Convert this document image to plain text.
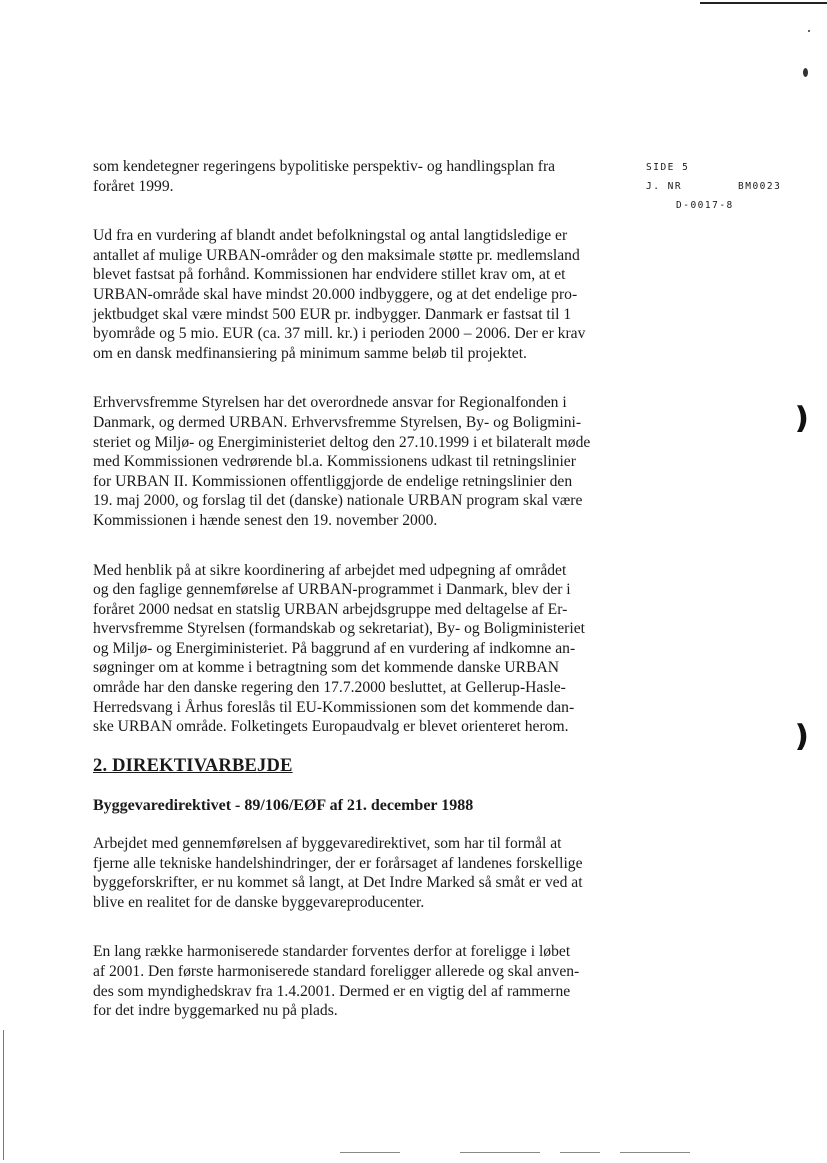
❫
❫
SIDE 5
J. NR	BM0023
D-0017-8

som kendetegner regeringens bypolitiske perspektiv- og handlingsplan fra
foråret 1999.

Ud fra en vurdering af blandt andet befolkningstal og antal langtidsledige er
antallet af mulige URBAN-områder og den maksimale støtte pr. medlemsland
blevet fastsat på forhånd. Kommissionen har endvidere stillet krav om, at et
URBAN-område skal have mindst 20.000 indbyggere, og at det endelige pro-
jektbudget skal være mindst 500 EUR pr. indbygger. Danmark er fastsat til 1
byområde og 5 mio. EUR (ca. 37 mill. kr.) i perioden 2000 – 2006. Der er krav
om en dansk medfinansiering på minimum samme beløb til projektet.

Erhvervsfremme Styrelsen har det overordnede ansvar for Regionalfonden i
Danmark, og dermed URBAN. Erhvervsfremme Styrelsen, By- og Boligmini-
steriet og Miljø- og Energiministeriet deltog den 27.10.1999 i et bilateralt møde
med Kommissionen vedrørende bl.a. Kommissionens udkast til retningslinier
for URBAN II. Kommissionen offentliggjorde de endelige retningslinier den
19. maj 2000, og forslag til det (danske) nationale URBAN program skal være
Kommissionen i hænde senest den 19. november 2000.

Med henblik på at sikre koordinering af arbejdet med udpegning af området
og den faglige gennemførelse af URBAN-programmet i Danmark, blev der i
foråret 2000 nedsat en statslig URBAN arbejdsgruppe med deltagelse af Er-
hvervsfremme Styrelsen (formandskab og sekretariat), By- og Boligministeriet
og Miljø- og Energiministeriet. På baggrund af en vurdering af indkomne an-
søgninger om at komme i betragtning som det kommende danske URBAN
område har den danske regering den 17.7.2000 besluttet, at Gellerup-Hasle-
Herredsvang i Århus foreslås til EU-Kommissionen som det kommende dan-
ske URBAN område. Folketingets Europaudvalg er blevet orienteret herom.

2. DIREKTIVARBEJDE
Byggevaredirektivet - 89/106/EØF af 21. december 1988

Arbejdet med gennemførelsen af byggevaredirektivet, som har til formål at
fjerne alle tekniske handelshindringer, der er forårsaget af landenes forskellige
byggeforskrifter, er nu kommet så langt, at Det Indre Marked så småt er ved at
blive en realitet for de danske byggevareproducenter.

En lang række harmoniserede standarder forventes derfor at foreligge i løbet
af 2001. Den første harmoniserede standard foreligger allerede og skal anven-
des som myndighedskrav fra 1.4.2001. Dermed er en vigtig del af rammerne
for det indre byggemarked nu på plads.
